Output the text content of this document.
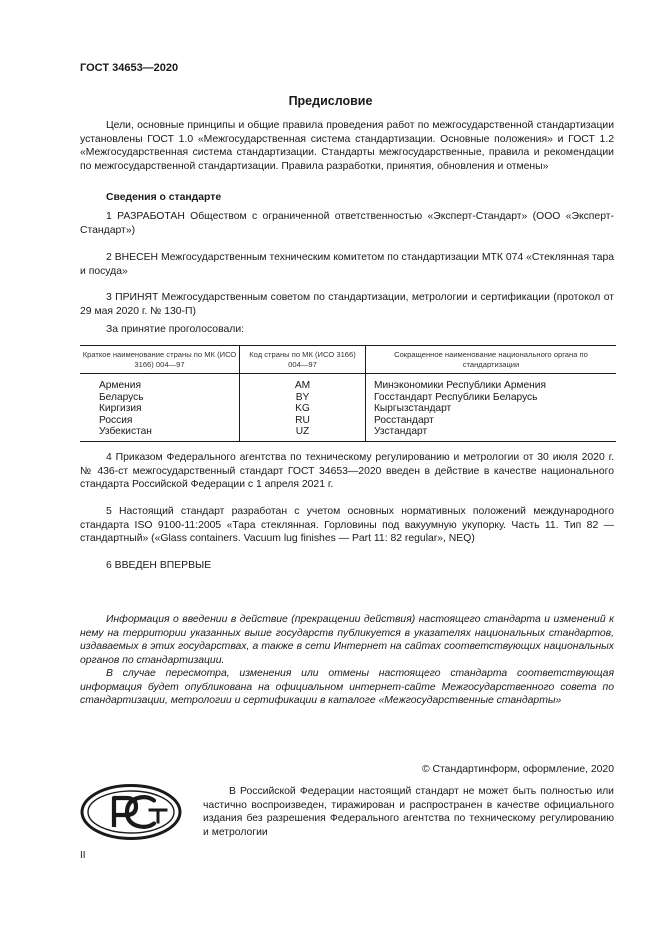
ГОСТ 34653—2020
Предисловие

Цели, основные принципы и общие правила проведения работ по межгосударственной стандартизации установлены ГОСТ 1.0 «Межгосударственная система стандартизации. Основные положения» и ГОСТ 1.2 «Межгосударственная система стандартизации. Стандарты межгосударственные, правила и рекомендации по межгосударственной стандартизации. Правила разработки, принятия, обновления и отмены»

Сведения о стандарте

1 РАЗРАБОТАН Обществом с ограниченной ответственностью «Эксперт-Стандарт» (ООО «Эксперт-Стандарт»)

2 ВНЕСЕН Межгосударственным техническим комитетом по стандартизации МТК 074 «Стеклянная тара и посуда»

3 ПРИНЯТ Межгосударственным советом по стандартизации, метрологии и сертификации (протокол от 29 мая 2020 г. № 130-П)

За принятие проголосовали:
Краткое наименование страны по МК (ИСО 3166) 004—97	Код страны по МК (ИСО 3166) 004—97	Сокращенное наименование национального органа по стандартизации
Армения	AM	Минэкономики Республики Армения
Беларусь	BY	Госстандарт Республики Беларусь
Киргизия	KG	Кыргызстандарт
Россия	RU	Росстандарт
Узбекистан	UZ	Узстандарт

4 Приказом Федерального агентства по техническому регулированию и метрологии от 30 июля 2020 г. № 436-ст межгосударственный стандарт ГОСТ 34653—2020 введен в действие в качестве национального стандарта Российской Федерации с 1 апреля 2021 г.

5 Настоящий стандарт разработан с учетом основных нормативных положений международного стандарта ISO 9100-11:2005 «Тара стеклянная. Горловины под вакуумную укупорку. Часть 11. Тип 82 — стандартный» («Glass containers. Vacuum lug finishes — Part 11: 82 regular», NEQ)

6 ВВЕДЕН ВПЕРВЫЕ

Информация о введении в действие (прекращении действия) настоящего стандарта и изменений к нему на территории указанных выше государств публикуется в указателях национальных стандартов, издаваемых в этих государствах, а также в сети Интернет на сайтах соответствующих национальных органов по стандартизации.

В случае пересмотра, изменения или отмены настоящего стандарта соответствующая информация будет опубликована на официальном интернет-сайте Межгосударственного совета по стандартизации, метрологии и сертификации в каталоге «Межгосударственные стандарты»

© Стандартинформ, оформление, 2020

В Российской Федерации настоящий стандарт не может быть полностью или частично воспроизведен, тиражирован и распространен в качестве официального издания без разрешения Федерального агентства по техническому регулированию и метрологии

II
